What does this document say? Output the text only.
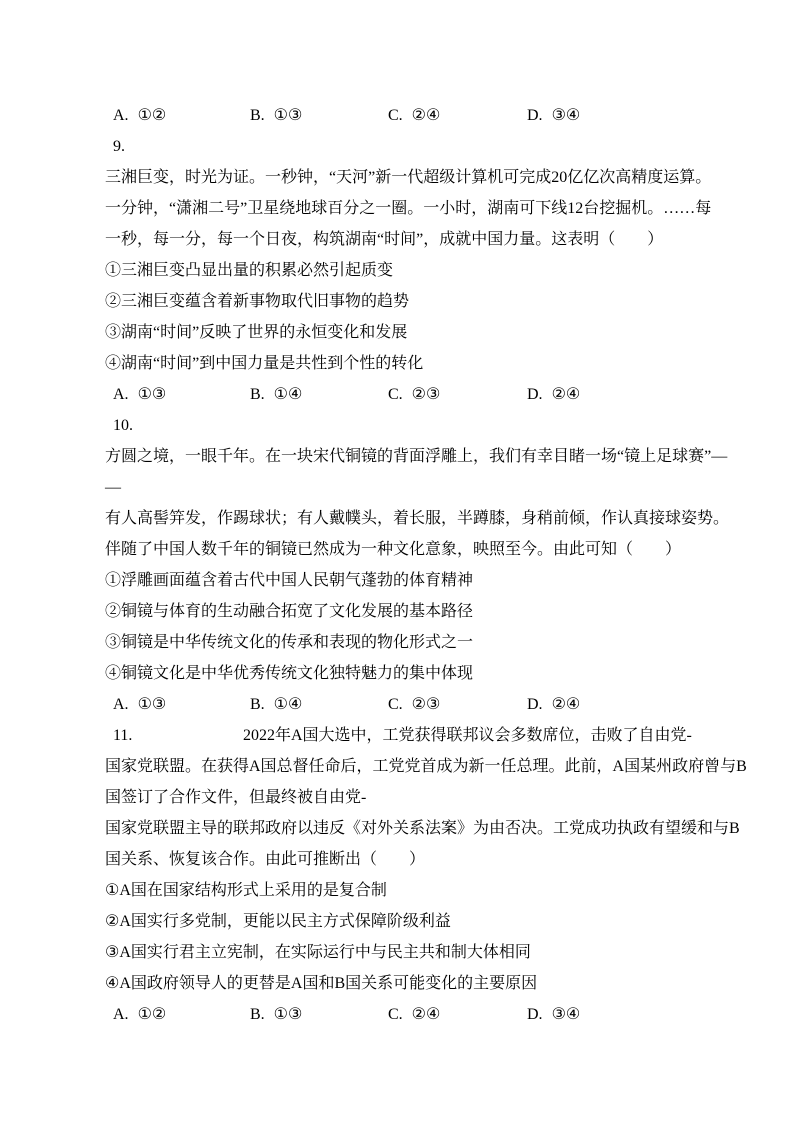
A. ①②	B. ①③	C. ②④	D. ③④
9.
三湘巨变，时光为证。一秒钟，“天河”新一代超级计算机可完成20亿亿次高精度运算。
一分钟，“潇湘二号”卫星绕地球百分之一圈。一小时，湖南可下线12台挖掘机。……每
一秒，每一分，每一个日夜，构筑湖南“时间”，成就中国力量。这表明（　　）
①三湘巨变凸显出量的积累必然引起质变
②三湘巨变蕴含着新事物取代旧事物的趋势
③湖南“时间”反映了世界的永恒变化和发展
④湖南“时间”到中国力量是共性到个性的转化
A. ①③	B. ①④	C. ②③	D. ②④
10.
方圆之境，一眼千年。在一块宋代铜镜的背面浮雕上，我们有幸目睹一场“镜上足球赛”—
—
有人高髻笄发，作踢球状；有人戴幞头，着长服，半蹲膝，身稍前倾，作认真接球姿势。
伴随了中国人数千年的铜镜已然成为一种文化意象，映照至今。由此可知（　　）
①浮雕画面蕴含着古代中国人民朝气蓬勃的体育精神
②铜镜与体育的生动融合拓宽了文化发展的基本路径
③铜镜是中华传统文化的传承和表现的物化形式之一
④铜镜文化是中华优秀传统文化独特魅力的集中体现
A. ①③	B. ①④	C. ②③	D. ②④
11.	2022年A国大选中，工党获得联邦议会多数席位，击败了自由党-
国家党联盟。在获得A国总督任命后，工党党首成为新一任总理。此前，A国某州政府曾与B
国签订了合作文件，但最终被自由党-
国家党联盟主导的联邦政府以违反《对外关系法案》为由否决。工党成功执政有望缓和与B
国关系、恢复该合作。由此可推断出（　　）
①A国在国家结构形式上采用的是复合制
②A国实行多党制，更能以民主方式保障阶级利益
③A国实行君主立宪制，在实际运行中与民主共和制大体相同
④A国政府领导人的更替是A国和B国关系可能变化的主要原因
A. ①②	B. ①③	C. ②④	D. ③④
